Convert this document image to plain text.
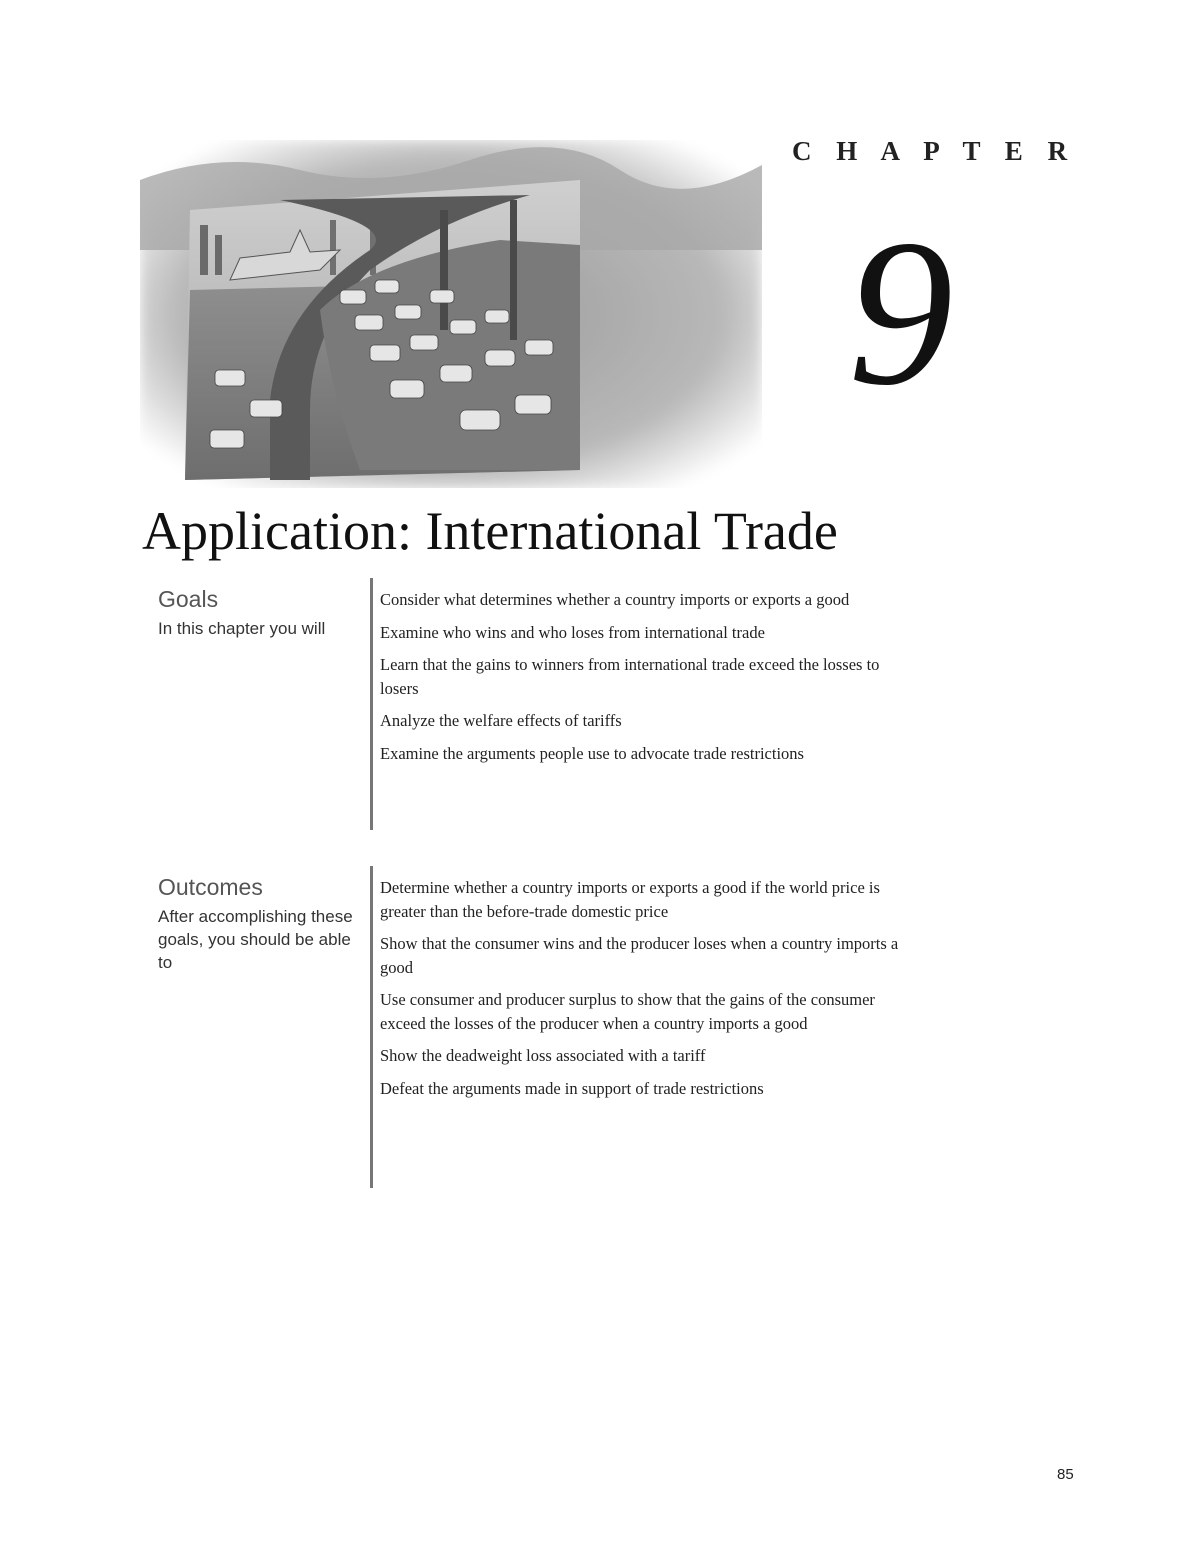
C H A P T E R
9
Application: International Trade
Goals

In this chapter you will

Consider what determines whether a country imports or exports a good
Examine who wins and who loses from international trade
Learn that the gains to winners from international trade exceed the losses to losers
Analyze the welfare effects of tariffs
Examine the arguments people use to advocate trade restrictions
Outcomes

After accomplishing these goals, you should be able to

Determine whether a country imports or exports a good if the world price is greater than the before-trade domestic price
Show that the consumer wins and the producer loses when a country imports a good
Use consumer and producer surplus to show that the gains of the consumer exceed the losses of the producer when a country imports a good
Show the deadweight loss associated with a tariff
Defeat the arguments made in support of trade restrictions
85
